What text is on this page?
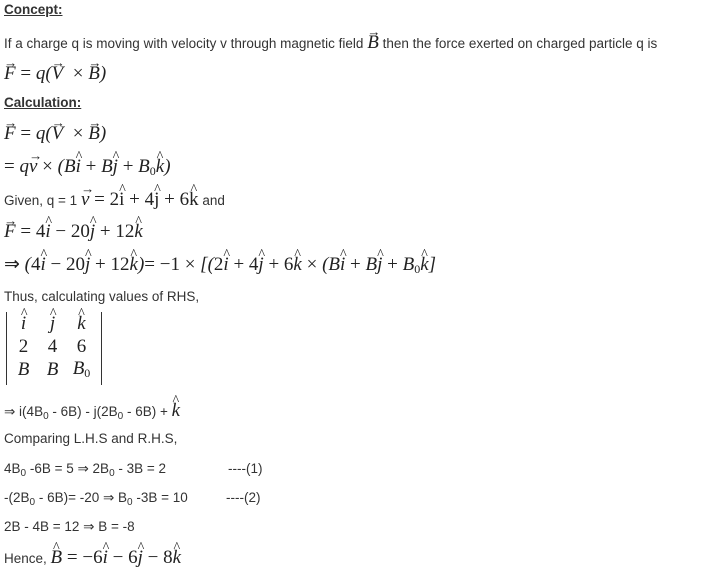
Concept:
If a charge q is moving with velocity v through magnetic field → B then the force exerted on charged particle q is
→ F = q(→ V × → B)
Calculation:
→ F = q(→ V × → B)
= q→ v × (B^ i + B^ $j + B_0\^{}$ k)
Given, q = 1 → v = 2^ i + 4^ j + 6^ k and
→ F = 4^ i − 20^ j + 12^ k
⇒ (4^ i − 20^ j + 12^ k)= −1 × [(2^ i + 4^ j + 6^ k × (B^ i + B^ $j + B_0\^{}$ k]
Thus, calculating values of RHS,
^ i	^ j	^ k
2	4	6
B	B	$B_0$
⇒ $i(4B_0 - 6B) - j(2B_0 - 6B)$ + ^ k
Comparing L.H.S and R.H.S,
$4B_0$ -6B = 5 ⇒ $2B_0 - 3B = 2$	----(1)
$-(2B_0 - 6B)= -20$ ⇒ $B_0$ -3B = 10	----(2)
2B - 4B = 12 ⇒ B = -8
Hence, ^ B = −6^ i − 6^ j − 8^ k
